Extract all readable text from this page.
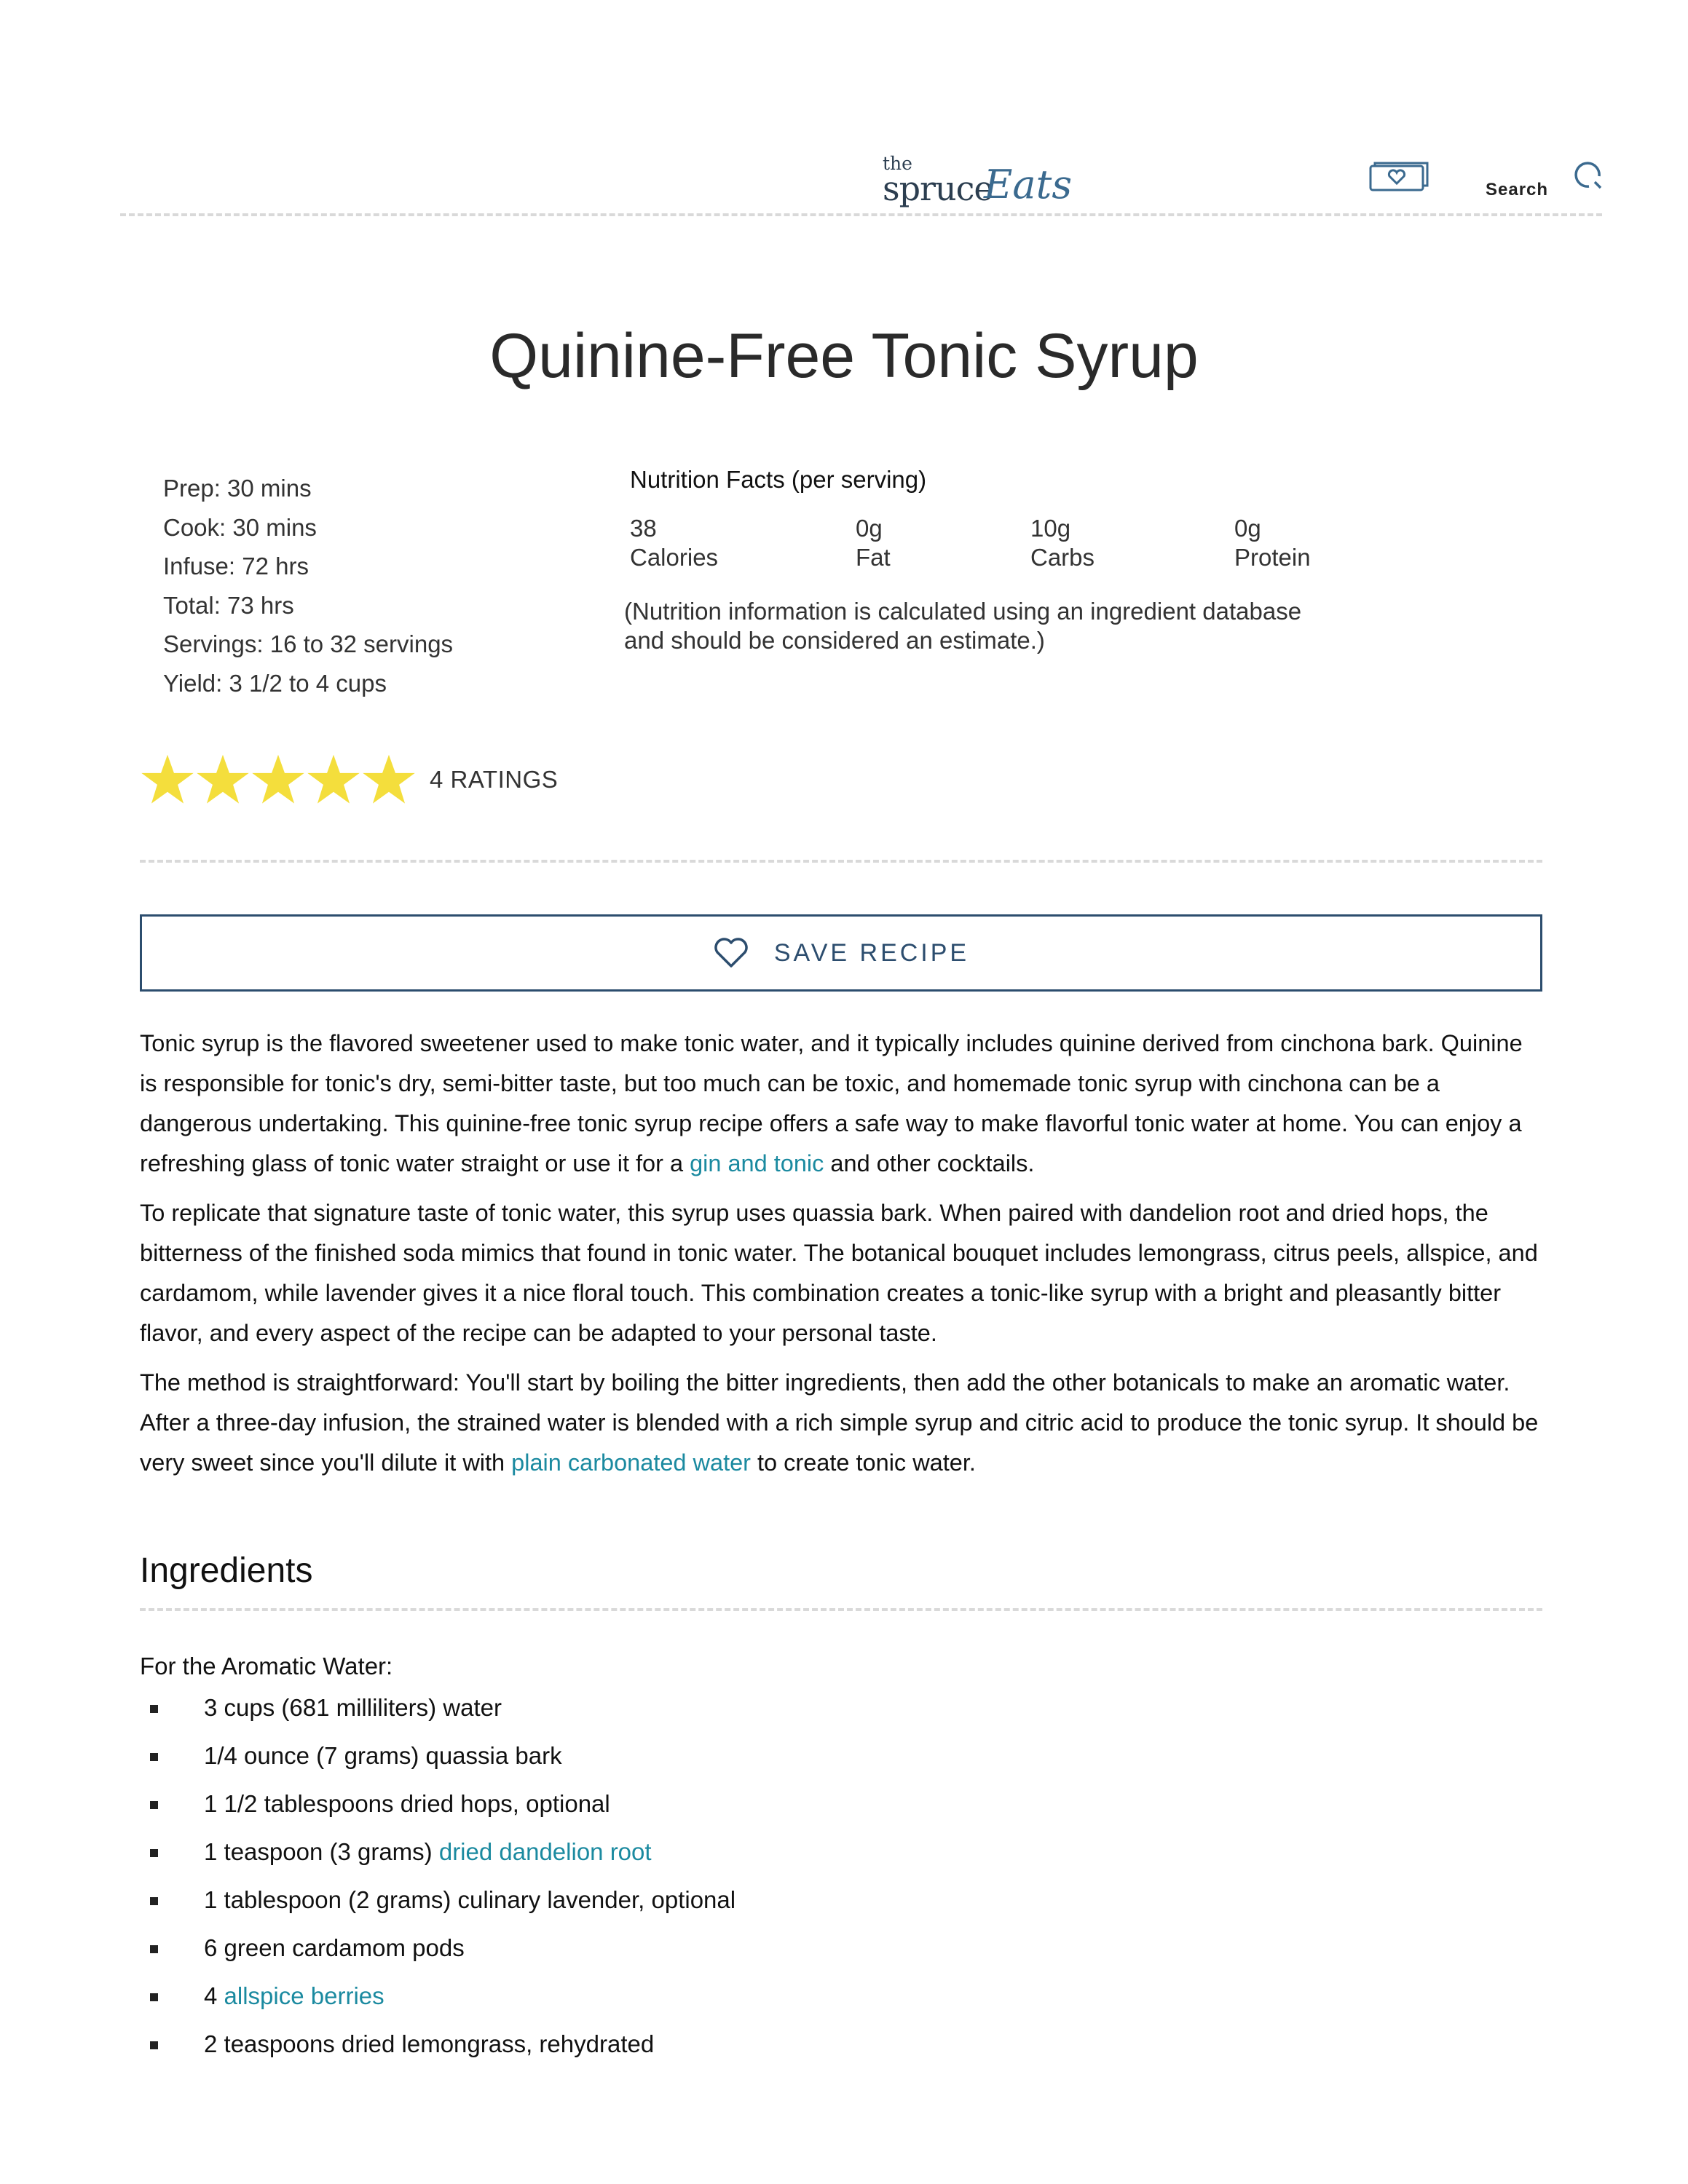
the
spruce
Eats	Search
Quinine-Free Tonic Syrup
Prep: 30 mins
Cook: 30 mins
Infuse: 72 hrs
Total: 73 hrs
Servings: 16 to 32 servings
Yield: 3 1/2 to 4 cups
Nutrition Facts (per serving)
38
Calories
0g
Fat
10g
Carbs
0g
Protein
(Nutrition information is calculated using an ingredient database
and should be considered an estimate.)
4 RATINGS
SAVE RECIPE

Tonic syrup is the flavored sweetener used to make tonic water, and it typically includes quinine derived from cinchona bark. Quinine is responsible for tonic's dry, semi-bitter taste, but too much can be toxic, and homemade tonic syrup with cinchona can be a dangerous undertaking. This quinine-free tonic syrup recipe offers a safe way to make flavorful tonic water at home. You can enjoy a refreshing glass of tonic water straight or use it for a gin and tonic and other cocktails.

To replicate that signature taste of tonic water, this syrup uses quassia bark. When paired with dandelion root and dried hops, the bitterness of the finished soda mimics that found in tonic water. The botanical bouquet includes lemongrass, citrus peels, allspice, and cardamom, while lavender gives it a nice floral touch. This combination creates a tonic-like syrup with a bright and pleasantly bitter flavor, and every aspect of the recipe can be adapted to your personal taste.

The method is straightforward: You'll start by boiling the bitter ingredients, then add the other botanicals to make an aromatic water. After a three-day infusion, the strained water is blended with a rich simple syrup and citric acid to produce the tonic syrup. It should be very sweet since you'll dilute it with plain carbonated water to create tonic water.

Ingredients
For the Aromatic Water:
3 cups (681 milliliters) water
1/4 ounce (7 grams) quassia bark
1 1/2 tablespoons dried hops, optional
1 teaspoon (3 grams) dried dandelion root
1 tablespoon (2 grams) culinary lavender, optional
6 green cardamom pods
4 allspice berries
2 teaspoons dried lemongrass, rehydrated
